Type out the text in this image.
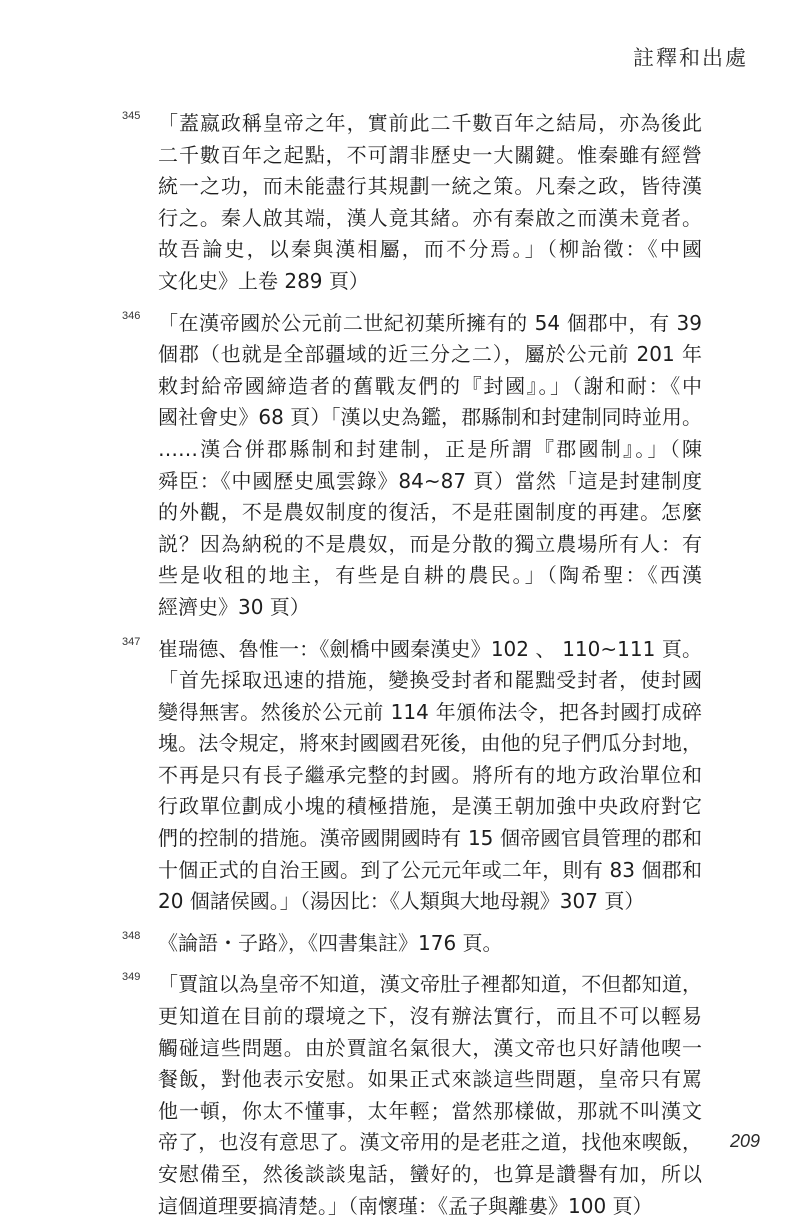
註釋和出處
345 「蓋嬴政稱皇帝之年，實前此二千數百年之結局，亦為後此
二千數百年之起點，不可謂非歷史一大關鍵。惟秦雖有經營
統一之功，而未能盡行其規劃一統之策。凡秦之政，皆待漢
行之。秦人啟其端，漢人竟其緒。亦有秦啟之而漢未竟者。
故吾論史，以秦與漢相屬，而不分焉。」（柳詒徵：《中國
文化史》上卷 289 頁）
346 「在漢帝國於公元前二世紀初葉所擁有的 54 個郡中，有 39
個郡（也就是全部疆域的近三分之二），屬於公元前 201 年
敕封給帝國締造者的舊戰友們的『封國』。」（謝和耐：《中
國社會史》68 頁）「漢以史為鑑，郡縣制和封建制同時並用。
……漢合併郡縣制和封建制，正是所謂『郡國制』。」（陳
舜臣：《中國歷史風雲錄》84~87 頁）當然「這是封建制度
的外觀，不是農奴制度的復活，不是莊園制度的再建。怎麼
説？因為納税的不是農奴，而是分散的獨立農場所有人：有
些是收租的地主，有些是自耕的農民。」（陶希聖：《西漢
經濟史》30 頁）
347 崔瑞德、魯惟一：《劍橋中國秦漢史》102 、 110~111 頁。
「首先採取迅速的措施，變換受封者和罷黜受封者，使封國
變得無害。然後於公元前 114 年頒佈法令，把各封國打成碎
塊。法令規定，將來封國國君死後，由他的兒子們瓜分封地，
不再是只有長子繼承完整的封國。將所有的地方政治單位和
行政單位劃成小塊的積極措施，是漢王朝加強中央政府對它
們的控制的措施。漢帝國開國時有 15 個帝國官員管理的郡和
十個正式的自治王國。到了公元元年或二年，則有 83 個郡和
20 個諸侯國。」（湯因比：《人類與大地母親》307 頁）
348 《論語・子路》，《四書集註》176 頁。
349 「賈誼以為皇帝不知道，漢文帝肚子裡都知道，不但都知道，
更知道在目前的環境之下，沒有辦法實行，而且不可以輕易
觸碰這些問題。由於賈誼名氣很大，漢文帝也只好請他喫一
餐飯，對他表示安慰。如果正式來談這些問題，皇帝只有罵
他一頓，你太不懂事，太年輕；當然那樣做，那就不叫漢文
帝了，也沒有意思了。漢文帝用的是老莊之道，找他來喫飯，
安慰備至，然後談談鬼話，蠻好的，也算是讚譽有加，所以
這個道理要搞清楚。」（南懷瑾：《孟子與離婁》100 頁）
209
